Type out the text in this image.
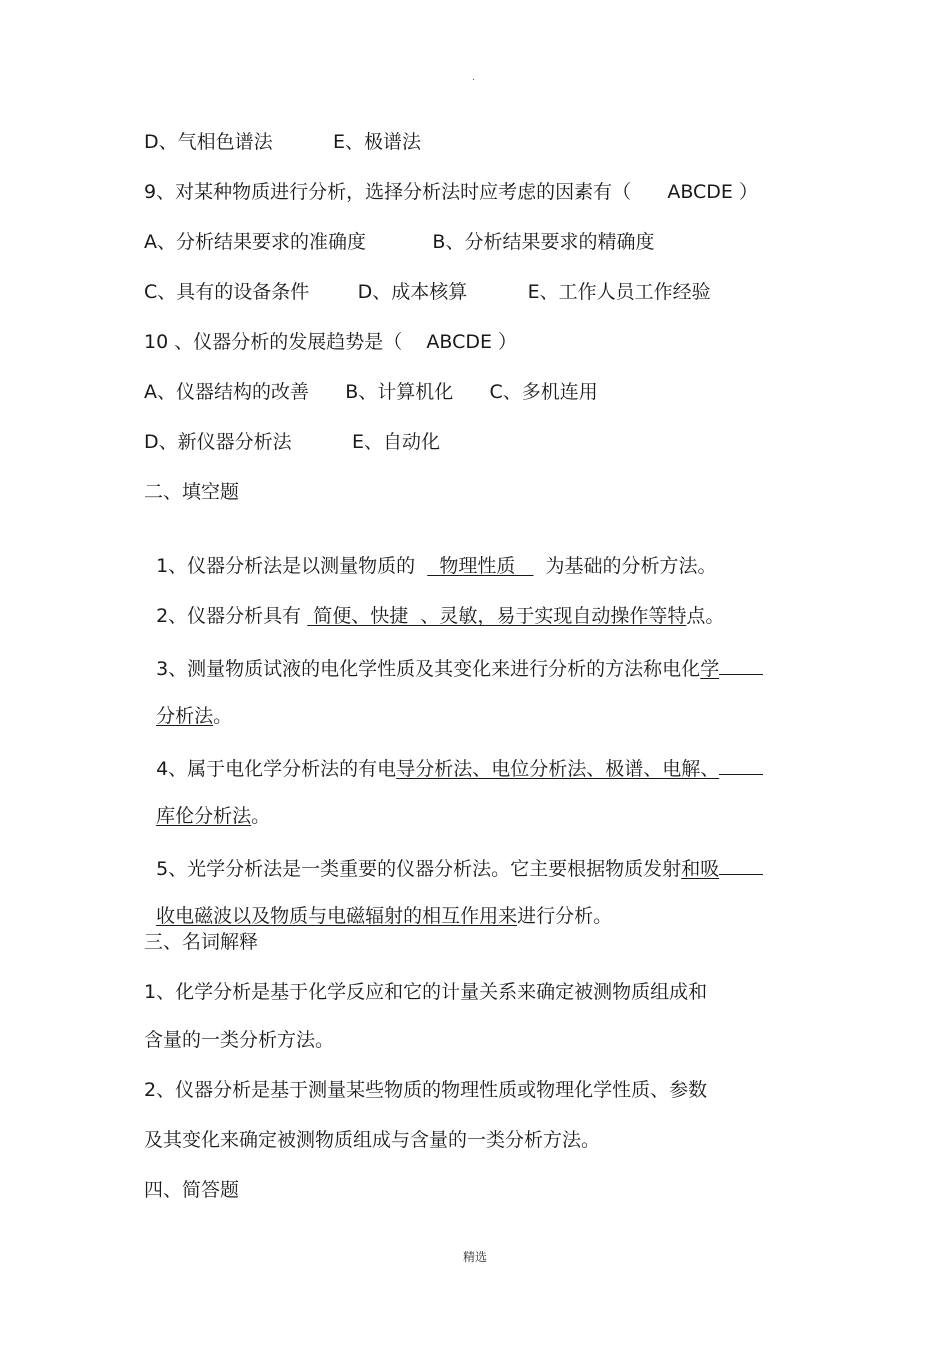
.
D、气相色谱法          E、极谱法
9、对某种物质进行分析，选择分析法时应考虑的因素有（      ABCDE ）
A、分析结果要求的准确度           B、分析结果要求的精确度
C、具有的设备条件        D、成本核算          E、工作人员工作经验
10 、仪器分析的发展趋势是（    ABCDE ）
A、仪器结构的改善      B、计算机化      C、多机连用
D、新仪器分析法          E、自动化
二、填空题

1、仪器分析法是以测量物质的    物理性质     为基础的分析方法。

2、仪器分析具有  简便、快捷  、灵敏，易于实现自动操作等特点。

3、测量物质试液的电化学性质及其变化来进行分析的方法称电化学

分析法。

4、属于电化学分析法的有电导分析法、电位分析法、极谱、电解、

库伦分析法。

5、光学分析法是一类重要的仪器分析法。它主要根据物质发射和吸

收电磁波以及物质与电磁辐射的相互作用来进行分析。

三、名词解释
1、化学分析是基于化学反应和它的计量关系来确定被测物质组成和
含量的一类分析方法。
2、仪器分析是基于测量某些物质的物理性质或物理化学性质、参数
及其变化来确定被测物质组成与含量的一类分析方法。
四、简答题
精选
